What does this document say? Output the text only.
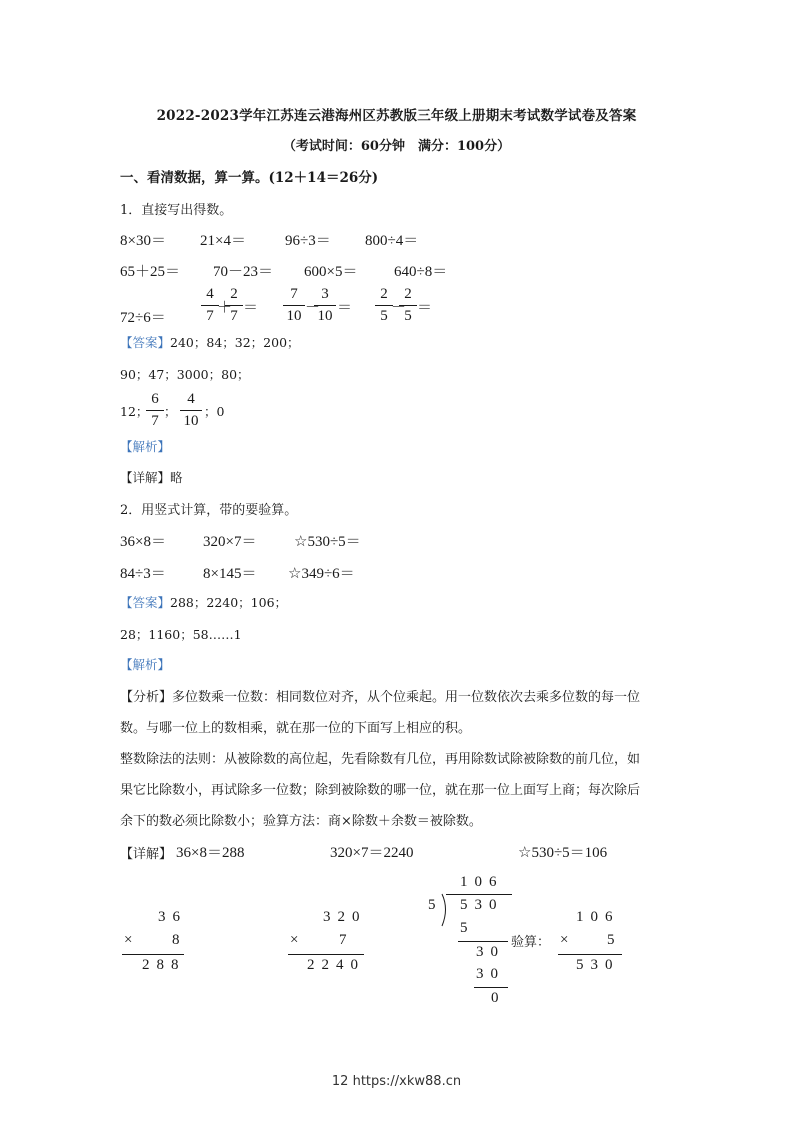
2022-2023学年江苏连云港海州区苏教版三年级上册期末考试数学试卷及答案
（考试时间：60分钟　满分：100分）
一、看清数据，算一算。(12＋14＝26分)
1．直接写出得数。
8×30＝ 21×4＝	96÷3＝ 800÷4＝
65＋25＝ 70－23＝ 600×5＝ 640÷8＝
72÷6＝
4
7 ＋
2
7 ＝
7
10 －
3
10 ＝
2
5 －
2
5 ＝
【答案】240；84；32；200；
90；47；3000；80；
12；
6
7
；
4
10
；0
【解析】
【详解】略
2．用竖式计算，带的要验算。
36×8＝ 320×7＝	☆530÷5＝
84÷3＝ 8×145＝ ☆349÷6＝
【答案】288；2240；106；
28；1160；58……1
【解析】
【分析】多位数乘一位数：相同数位对齐，从个位乘起。用一位数依次去乘多位数的每一位
数。与哪一位上的数相乘，就在那一位的下面写上相应的积。
整数除法的法则：从被除数的高位起，先看除数有几位，再用除数试除被除数的前几位，如
果它比除数小，再试除多一位数；除到被除数的哪一位，就在那一位上面写上商；每次除后
余下的数必须比除数小；验算方法：商×除数＋余数＝被除数。
【详解】 36×8＝288	320×7＝2240	☆530÷5＝106
36
× 8
288
320
× 7
2240
106
5 530
5
30
30
0
验算：
106
× 5
530
12 https://xkw88.cn
